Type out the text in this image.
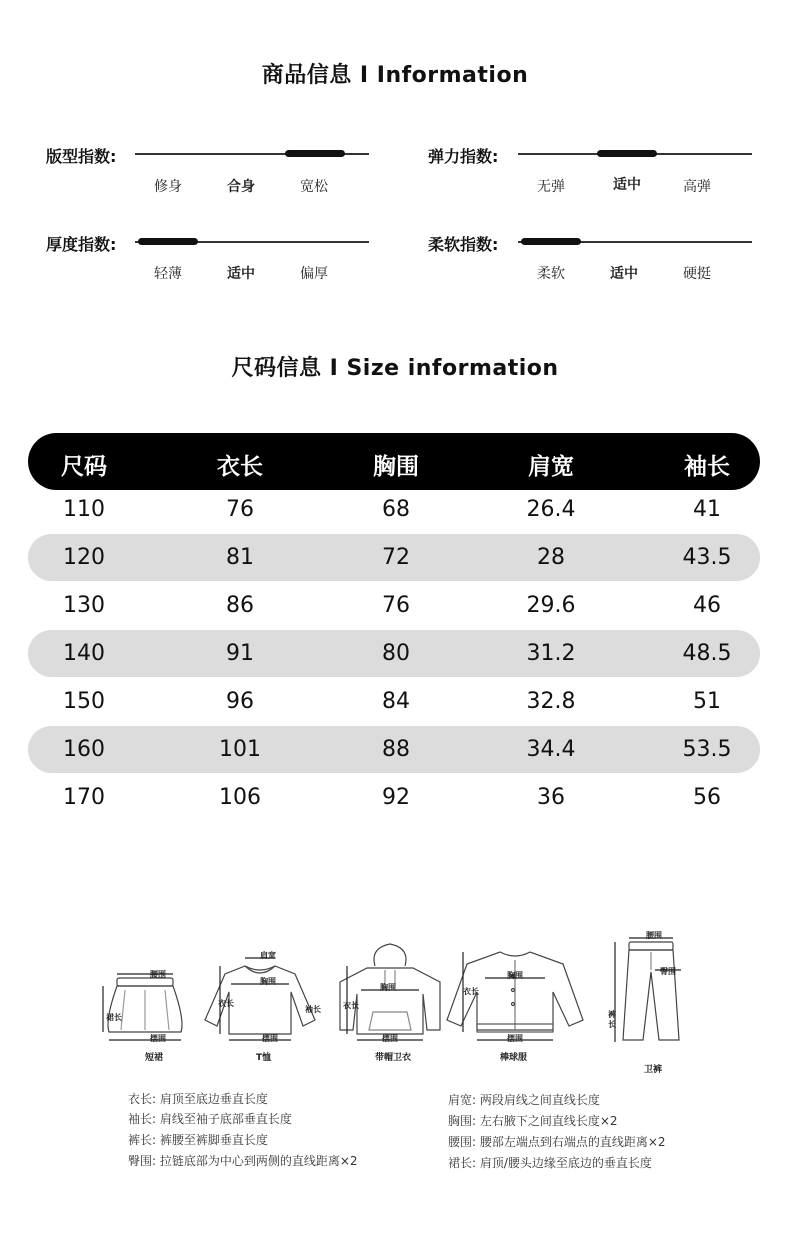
商品信息 I Information
版型指数:
修身	合身	宽松
弹力指数:
无弹	适中	高弹
厚度指数:
轻薄	适中	偏厚
柔软指数:
柔软	适中	硬挺
尺码信息 I Size information
尺码	衣长	胸围	肩宽	袖长
110	76	68	26.4	41
120	81	72	28	43.5
130	86	76	29.6	46
140	91	80	31.2	48.5
150	96	84	32.8	51
160	101	88	34.4	53.5
170	106	92	36	56
腰围
裙长
摆围
肩宽
胸围
衣长
袖长
摆围
衣长
胸围
摆围
衣长
胸围
摆围
腰围
臀围
裤长
短裙	T恤	带帽卫衣	棒球服
卫裤
衣长: 肩顶至底边垂直长度
袖长: 肩线至袖子底部垂直长度
裤长: 裤腰至裤脚垂直长度
臀围: 拉链底部为中心到两侧的直线距离×2
肩宽: 两段肩线之间直线长度
胸围: 左右腋下之间直线长度×2
腰围: 腰部左端点到右端点的直线距离×2
裙长: 肩顶/腰头边缘至底边的垂直长度
